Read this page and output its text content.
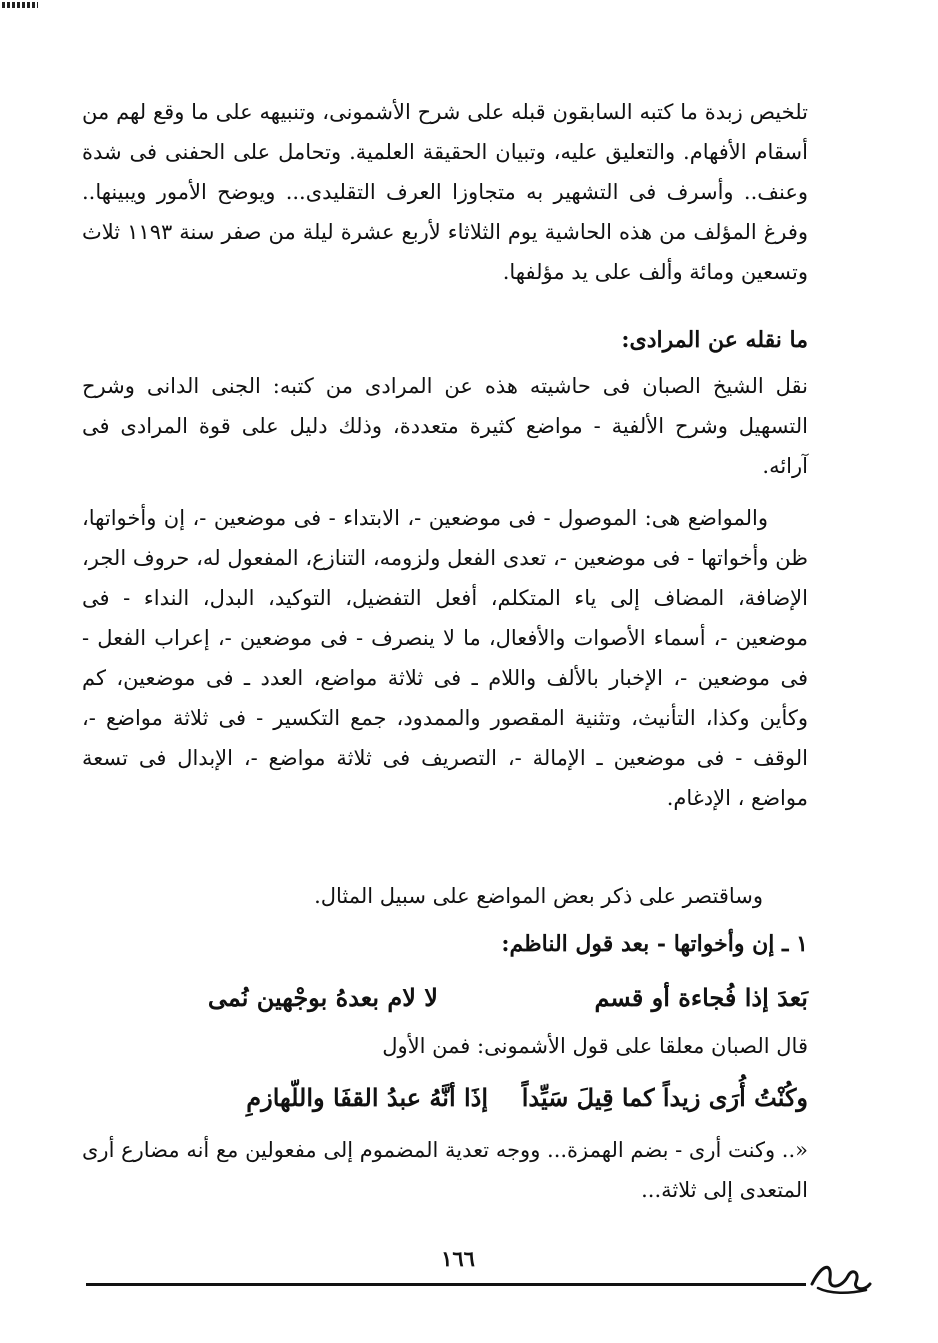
تلخيص زبدة ما كتبه السابقون قبله على شرح الأشمونى، وتنبيهه على ما وقع لهم من أسقام الأفهام. والتعليق عليه، وتبيان الحقيقة العلمية. وتحامل على الحفنى فى شدة وعنف.. وأسرف فى التشهير به متجاوزا العرف التقليدى... ويوضح الأمور ويبينها.. وفرغ المؤلف من هذه الحاشية يوم الثلاثاء لأربع عشرة ليلة من صفر سنة ١١٩٣ ثلاث وتسعين ومائة وألف على يد مؤلفها.
ما نقله عن المرادى:
نقل الشيخ الصبان فى حاشيته هذه عن المرادى من كتبه: الجنى الدانى وشرح التسهيل وشرح الألفية - مواضع كثيرة متعددة، وذلك دليل على قوة المرادى فى آرائه.
والمواضع هى: الموصول - فى موضعين -، الابتداء - فى موضعين -، إن وأخواتها، ظن وأخواتها - فى موضعين -، تعدى الفعل ولزومه، التنازع، المفعول له، حروف الجر، الإضافة، المضاف إلى ياء المتكلم، أفعل التفضيل، التوكيد، البدل، النداء - فى موضعين -، أسماء الأصوات والأفعال، ما لا ينصرف - فى موضعين -، إعراب الفعل - فى موضعين -، الإخبار بالألف واللام ـ فى ثلاثة مواضع، العدد ـ فى موضعين، كم وكأين وكذا، التأنيث، وتثنية المقصور والممدود، جمع التكسير - فى ثلاثة مواضع -، الوقف - فى موضعين ـ الإمالة -، التصريف فى ثلاثة مواضع -، الإبدال فى تسعة مواضع ، الإدغام.
وساقتصر على ذكر بعض المواضع على سبيل المثال.
١ ـ إن وأخواتها - بعد قول الناظم:
بَعدَ إذا فُجاءة أو قسم
لا لام بعدهُ بوجْهين نُمى
قال الصبان معلقا على قول الأشمونى: فمن الأول
وكُنْتُ أُرَى زيداً كما قِيلَ سَيِّداً
إذَا أنَّهُ عبدُ القفَا واللّهازمِ
«.. وكنت أرى - بضم الهمزة... ووجه تعدية المضموم إلى مفعولين مع أنه مضارع أرى المتعدى إلى ثلاثة...
١٦٦
